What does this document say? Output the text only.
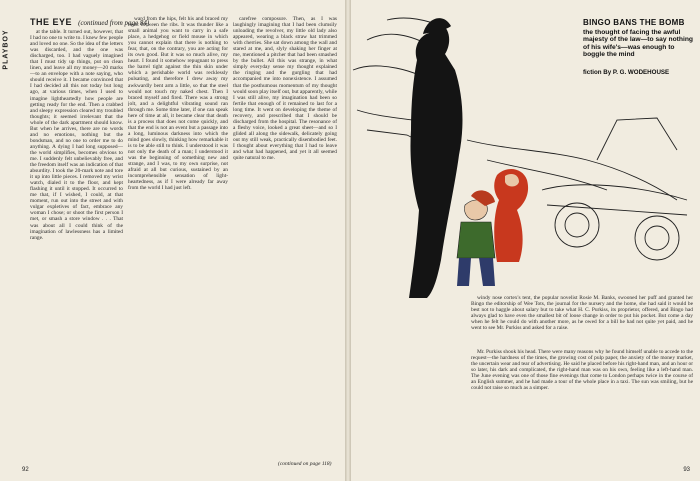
PLAYBOY
THE EYE (continued from page 84)

at the table. It turned out, however, that I had no one to write to. I knew few people and loved no one. So the idea of the letters was discarded, and the one was discharged, too. I had vaguely imagined that I must tidy up things, put on clean linen, and leave all my money—20 marks—to an envelope with a note saying, who should receive it. I became convinced that I had decided all this not today but long ago, at various times, when I used to imagine lightheartedly how people are getting ready for the end. Then a crabbed and sleepy expression cleared my troubled thoughts; it seemed irrelevant that the whole of the dark apartment should know. But when he arrives, there are no words and no emotions, nothing but the bondsman, and no one to order me to do anything. A dying I had long supposed—the world simplifies, becomes obvious to me. I suddenly felt unbelievably free, and the freedom itself was an indication of that absurdity. I took the 20-mark note and tore it up into little pieces. I removed my wrist watch, dialed it to the floor, and kept flashing it until it stopped. It occurred to me that, if I wished, I could, at that moment, run out into the street and with vulgar expletives of fact, embrace any woman I chose; or shoot the first person I met, or smash a store window . . . That was about all I could think of the imagination of lawlessness has a limited range.

ward from the hips, felt his and braced my heart between the ribs. It was thunder like a small animal you want to carry in a safe place, a hedgehog or field mouse in which you cannot explain that there is nothing to fear, that, on the contrary, you are acting for its own good. But it was so much alive, my heart. I found it somehow repugnant to press the barrel tight against the thin skin under which a perishable world was recklessly pulsating, and therefore I drew away my awkwardly bent arm a little, so that the steel would not touch my naked chest. Then I braced myself and fired. There was a strong jolt, and a delightful vibrating sound ran through me. Some time later, if one can speak here of time at all, it became clear that death is a process that does not come quickly, and that the end is not an event but a passage into a long, luminous darkness into which the mind goes slowly, thinking how remarkable it is to be able still to think. I understood it was not only the death of a man; I understood it was the beginning of something new and strange, and I was, to my own surprise, not afraid at all but curious, sustained by an incomprehensible sensation of light-heartedness, as if I were already far away from the world I had just left.

carefree composure. Then, as I was laughingly imagining that I had been clumsily unloading the revolver, my little old lady also appeared, wearing a black straw hat trimmed with cherries. She sat down among the wall and stared at me, and, slyly shaking her finger at me, mentioned a pitcher that had been smashed by the bullet. All this was strange, in what simply everyday sense my thought explained the ringing and the gurgling that had accompanied me into nonexistence. I assumed that the posthumous momentum of my thought would soon play itself out, but apparently, while I was still alive, my imagination had been so fertile that enough of it remained to last for a long time. It went on developing the theme of recovery, and prescribed that I should be discharged from the hospital. The resonance of a fleshy voice, looked a great sheet—and so I glided all along the sidewalk, delicately going out my still weak, practically disembodied feet. I thought about everything that I had to leave and what had happened, and yet it all seemed quite natural to me.

(continued on page 118)
92
BINGO BANS THE BOMB
the thought of facing the awful majesty of the law—to say nothing of his wife's—was enough to boggle the mind
fiction By P. G. WODEHOUSE

windy nose cortex's tent, the popular novelist Rosie M. Banks, swooned her puff and granted her Bingo the editorship of Wee Tots, the journal for the nursery and the home, she had said it would be best not to haggle about salary but to take what H. C. Purkiss, its proprietor, offered, and Bingo had always glad to have even the smallest bit of loose change in order to put his pocket. But come a day when he felt he could do with another more, as he owed for a bill he had not quite yet paid, and he went to see Mr. Purkiss and asked for a raise.

Mr. Purkiss shook his head. There were many reasons why he found himself unable to accede to the request—the hardness of the times, the growing cost of pulp paper, the anxiety of the money market, the uncertain wear and tear of advertising. He said he placed before his right-hand man, and an hour or so later, his dark and complicated, the right-hand man was on his own, feeling like a left-hand man. The June evening was one of those fine evenings that come to London perhaps twice in the course of an English summer, and he had made a tour of the whole place in a taxi. The sun was smiling, but he could not raise so much as a simper.

93
